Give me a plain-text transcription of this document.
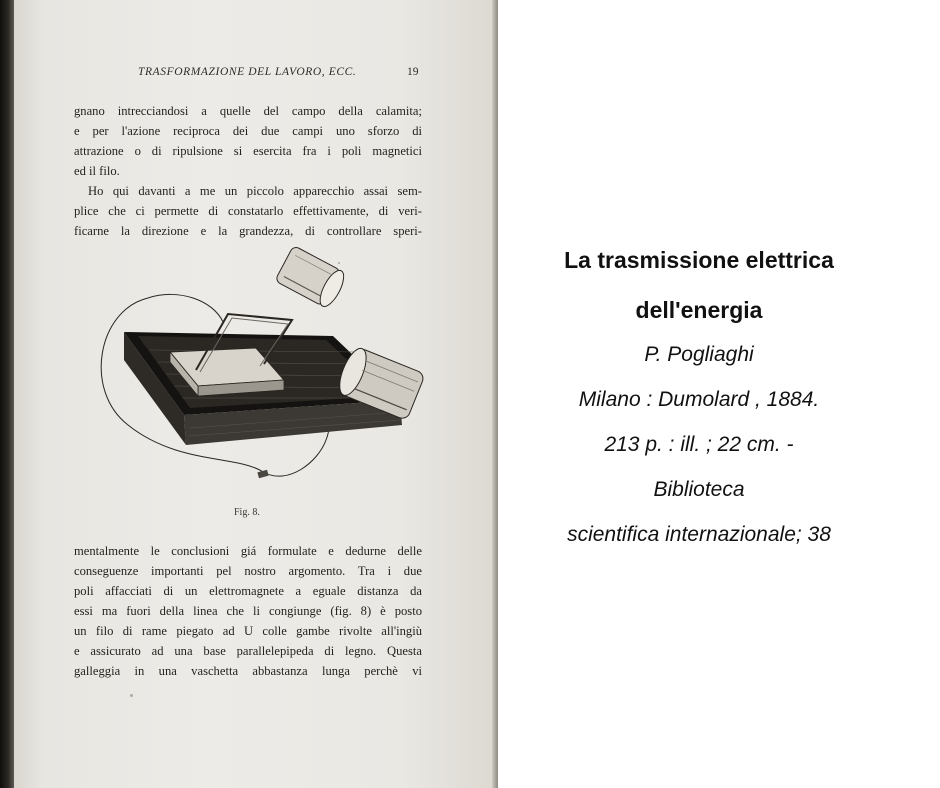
TRASFORMAZIONE DEL LAVORO, ECC.	19
gnano intrecciandosi a quelle del campo della calamita;
e per l'azione reciproca dei due campi uno sforzo di
attrazione o di ripulsione si esercita fra i poli magnetici
ed il filo.
Ho qui davanti a me un piccolo apparecchio assai sem-
plice che ci permette di constatarlo effettivamente, di veri-
ficarne la direzione e la grandezza, di controllare speri-
Fig. 8.
mentalmente le conclusioni giá formulate e dedurne delle
conseguenze importanti pel nostro argomento. Tra i due
poli affacciati di un elettromagnete a eguale distanza da
essi ma fuori della linea che li congiunge (fig. 8) è posto
un filo di rame piegato ad U colle gambe rivolte all'ingiù
e assicurato ad una base parallelepipeda di legno. Questa
galleggia in una vaschetta abbastanza lunga perchè vi
La trasmissione elettrica
dell'energia
P. Pogliaghi
Milano : Dumolard , 1884.
213 p. : ill. ; 22 cm. -
Biblioteca
scientifica internazionale; 38
